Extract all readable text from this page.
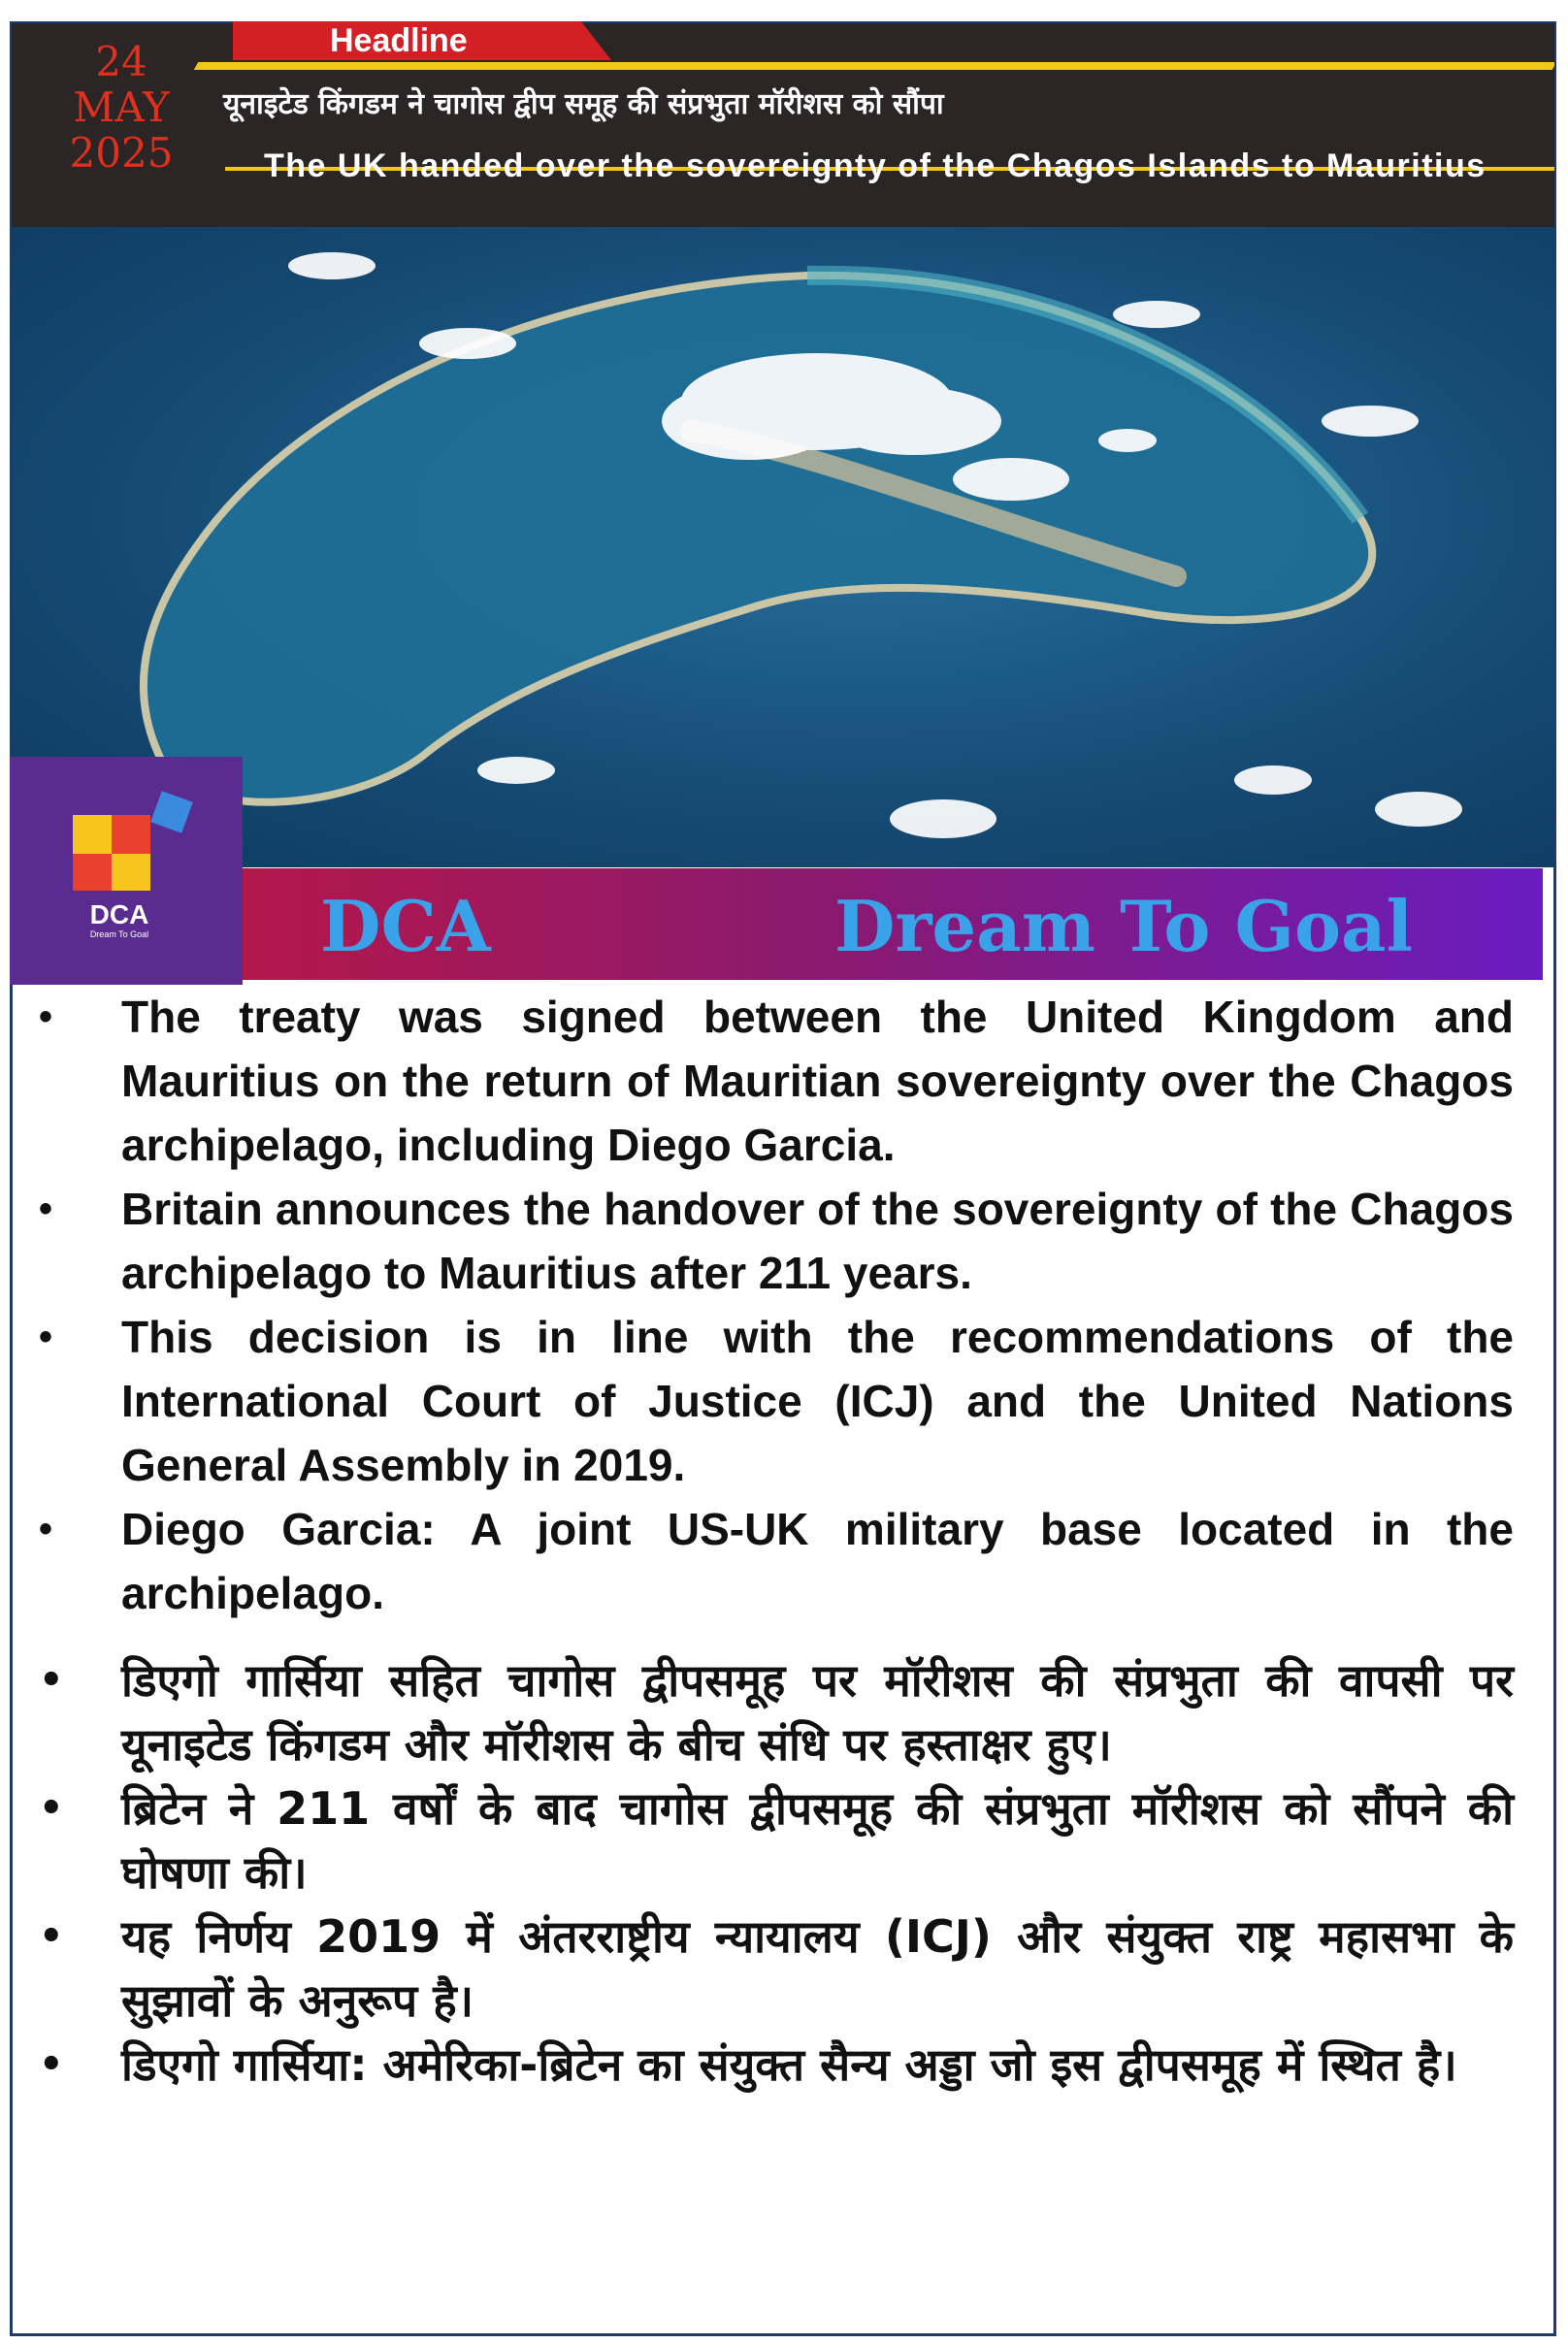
Headline
24
MAY
2025
यूनाइटेड किंगडम ने चागोस द्वीप समूह की संप्रभुता मॉरीशस को सौंपा
The UK handed over the sovereignty of the Chagos Islands to Mauritius
DCA
Dream To Goal	DCA	Dream To Goal
• The treaty was signed between the United Kingdom and Mauritius on the return of Mauritian sovereignty over the Chagos archipelago, including Diego Garcia.
• Britain announces the handover of the sovereignty of the Chagos archipelago to Mauritius after 211 years.
• This decision is in line with the recommendations of the International Court of Justice (ICJ) and the United Nations General Assembly in 2019.
• Diego Garcia: A joint US-UK military base located in the archipelago.
• डिएगो गार्सिया सहित चागोस द्वीपसमूह पर मॉरीशस की संप्रभुता की वापसी पर यूनाइटेड किंगडम और मॉरीशस के बीच संधि पर हस्ताक्षर हुए।
• ब्रिटेन ने 211 वर्षों के बाद चागोस द्वीपसमूह की संप्रभुता मॉरीशस को सौंपने की घोषणा की।
• यह निर्णय 2019 में अंतरराष्ट्रीय न्यायालय (ICJ) और संयुक्त राष्ट्र महासभा के सुझावों के अनुरूप है।
• डिएगो गार्सिया: अमेरिका-ब्रिटेन का संयुक्त सैन्य अड्डा जो इस द्वीपसमूह में स्थित है।
